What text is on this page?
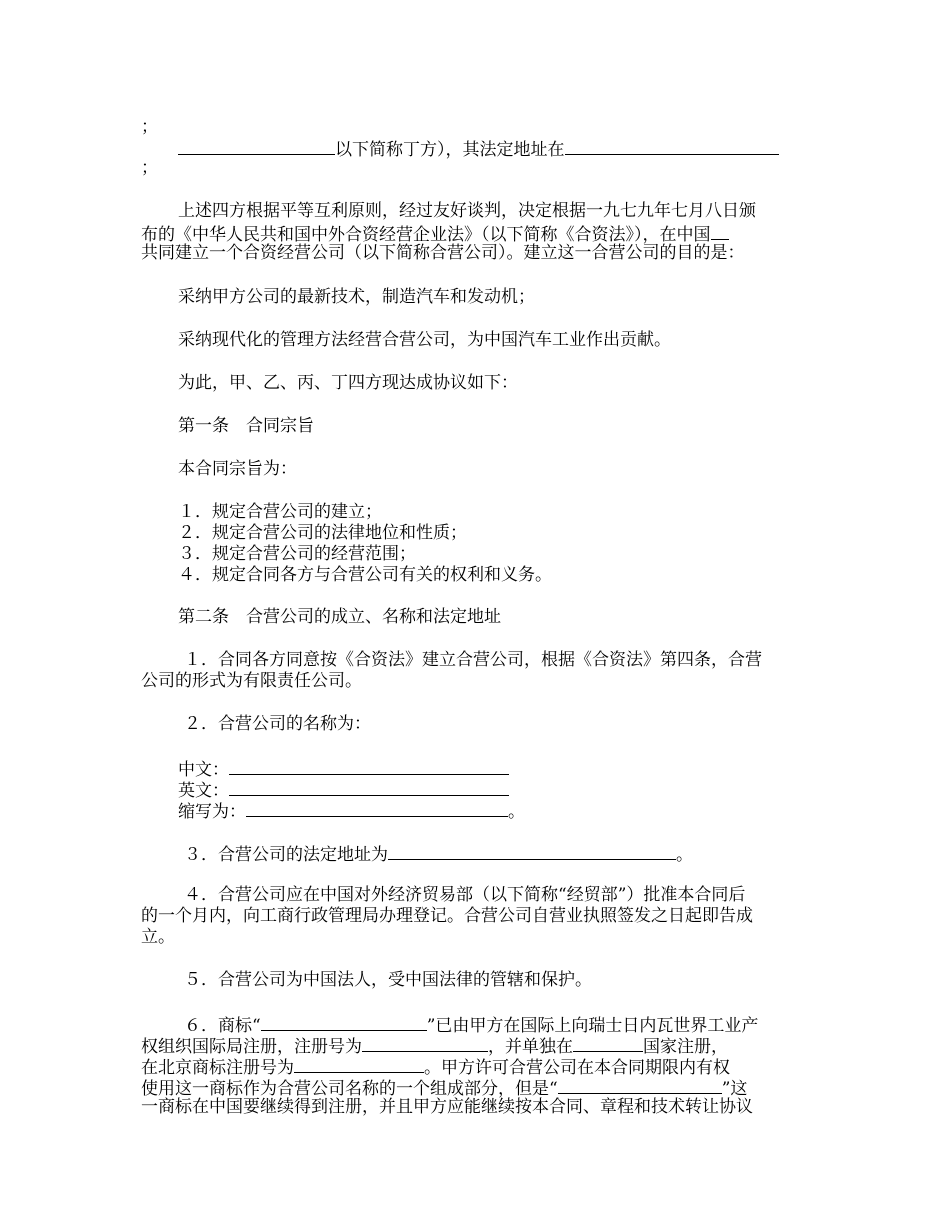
；
以下简称丁方），其法定地址在
；
上述四方根据平等互利原则，经过友好谈判，决定根据一九七九年七月八日颁
布的《中华人民共和国中外合资经营企业法》（以下简称《合资法》），在中国
共同建立一个合资经营公司（以下简称合营公司）。建立这一合营公司的目的是：
采纳甲方公司的最新技术，制造汽车和发动机；
采纳现代化的管理方法经营合营公司，为中国汽车工业作出贡献。
为此，甲、乙、丙、丁四方现达成协议如下：
第一条　合同宗旨
本合同宗旨为：
１．规定合营公司的建立；
２．规定合营公司的法律地位和性质；
３．规定合营公司的经营范围；
４．规定合同各方与合营公司有关的权利和义务。
第二条　合营公司的成立、名称和法定地址
１．合同各方同意按《合资法》建立合营公司，根据《合资法》第四条，合营
公司的形式为有限责任公司。
２．合营公司的名称为：
中文：
英文：
缩写为：	。
３．合营公司的法定地址为	。
４．合营公司应在中国对外经济贸易部（以下简称“经贸部”）批准本合同后
的一个月内，向工商行政管理局办理登记。合营公司自营业执照签发之日起即告成
立。
５．合营公司为中国法人，受中国法律的管辖和保护。
６．商标“	”已由甲方在国际上向瑞士日内瓦世界工业产
权组织国际局注册，注册号为	，并单独在	国家注册，
在北京商标注册号为	。甲方许可合营公司在本合同期限内有权
使用这一商标作为合营公司名称的一个组成部分，但是“	”这
一商标在中国要继续得到注册，并且甲方应能继续按本合同、章程和技术转让协议
